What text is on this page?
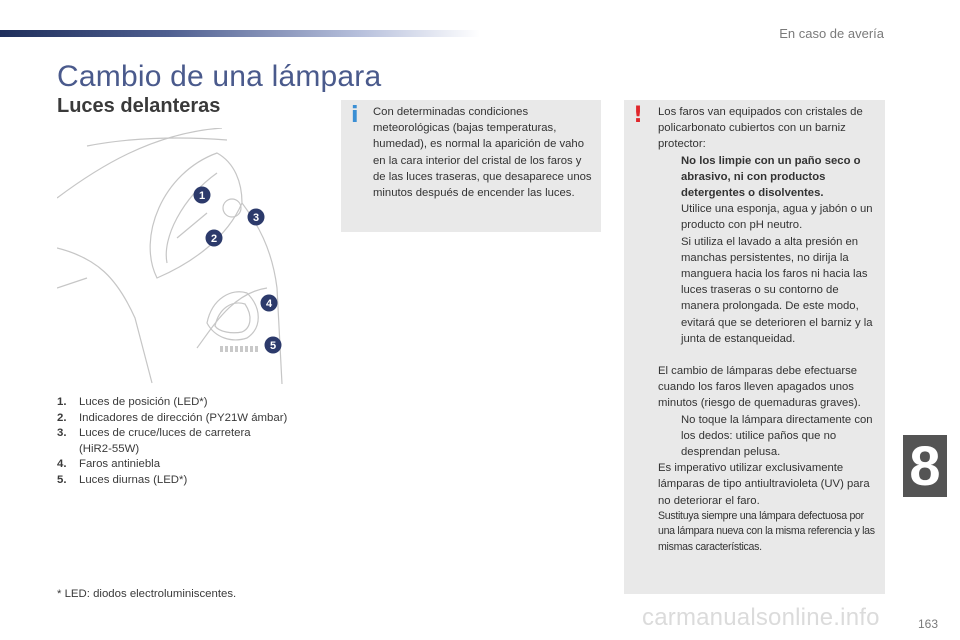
En caso de avería
Cambio de una lámpara
Luces delanteras
1
2
3
4
5
1.	Luces de posición (LED*)
2.	Indicadores de dirección (PY21W ámbar)
3.	Luces de cruce/luces de carretera (HiR2-55W)
4.	Faros antiniebla
5.	Luces diurnas (LED*)
* LED: diodos electroluminiscentes.
i Con determinadas condiciones meteorológicas (bajas temperaturas, humedad), es normal la aparición de vaho en la cara interior del cristal de los faros y de las luces traseras, que desaparece unos minutos después de encender las luces.
! Los faros van equipados con cristales de policarbonato cubiertos con un barniz protector:

No los limpie con un paño seco o abrasivo, ni con productos detergentes o disolventes.

Utilice una esponja, agua y jabón o un producto con pH neutro.

Si utiliza el lavado a alta presión en manchas persistentes, no dirija la manguera hacia los faros ni hacia las luces traseras o su contorno de manera prolongada. De este modo, evitará que se deterioren el barniz y la junta de estanqueidad.

El cambio de lámparas debe efectuarse cuando los faros lleven apagados unos minutos (riesgo de quemaduras graves).

No toque la lámpara directamente con los dedos: utilice paños que no desprendan pelusa.

Es imperativo utilizar exclusivamente lámparas de tipo antiultravioleta (UV) para no deteriorar el faro.

Sustituya siempre una lámpara defectuosa por una lámpara nueva con la misma referencia y las mismas características.

8
163
carmanualsonline.info
